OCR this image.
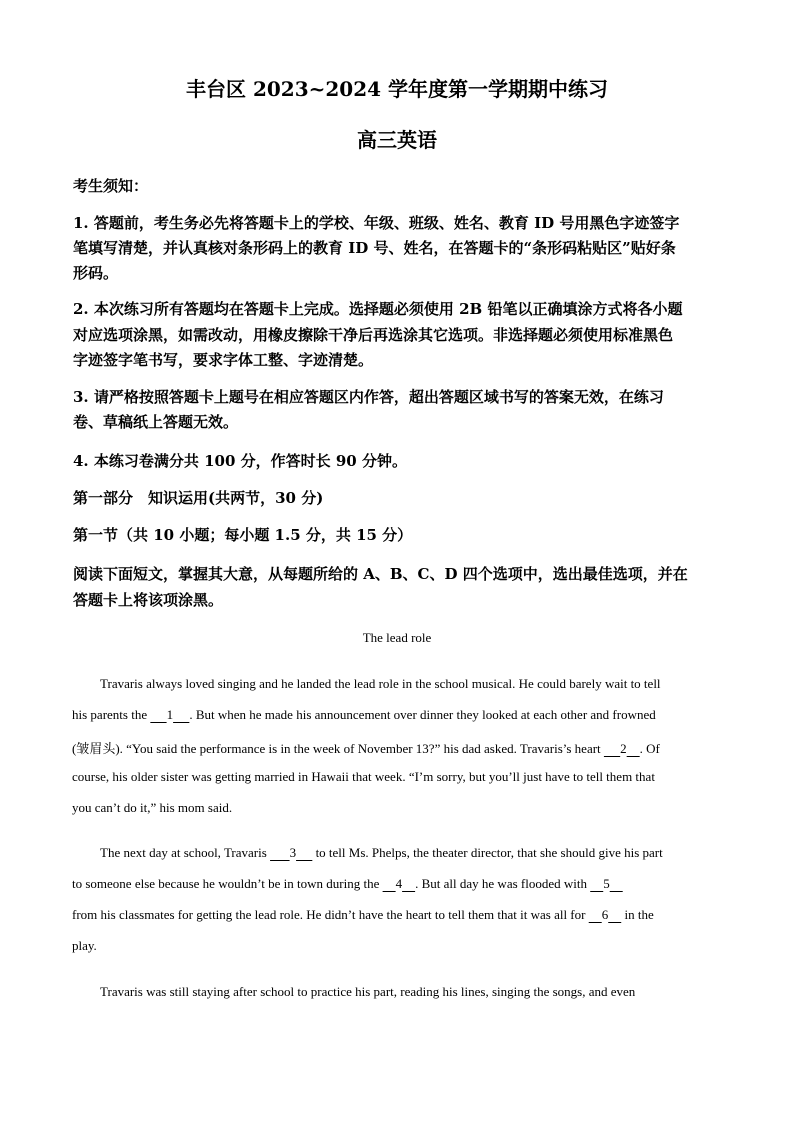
丰台区 2023~2024 学年度第一学期期中练习
高三英语
考生须知：
1. 答题前，考生务必先将答题卡上的学校、年级、班级、姓名、教育 ID 号用黑色字迹签字
笔填写清楚，并认真核对条形码上的教育 ID 号、姓名，在答题卡的“条形码粘贴区”贴好条
形码。
2. 本次练习所有答题均在答题卡上完成。选择题必须使用 2B 铅笔以正确填涂方式将各小题
对应选项涂黑，如需改动，用橡皮擦除干净后再选涂其它选项。非选择题必须使用标准黑色
字迹签字笔书写，要求字体工整、字迹清楚。
3. 请严格按照答题卡上题号在相应答题区内作答，超出答题区域书写的答案无效，在练习
卷、草稿纸上答题无效。
4. 本练习卷满分共 100 分，作答时长 90 分钟。
第一部分　知识运用(共两节，30 分)
第一节（共 10 小题；每小题 1.5 分，共 15 分）
阅读下面短文，掌握其大意，从每题所给的 A、B、C、D 四个选项中，选出最佳选项，并在
答题卡上将该项涂黑。
The lead role
Travaris always loved singing and he landed the lead role in the school musical. He could barely wait to tell
his parents the      1 . But when he made his announcement over dinner they looked at each other and frowned
(皱眉头). “You said the performance is in the week of November 13?” his dad asked. Travaris’s heart      2 . Of
course, his older sister was getting married in Hawaii that week. “I’m sorry, but you’ll just have to tell them that
you can’t do it,” his mom said.
The next day at school, Travaris       3      to tell Ms. Phelps, the theater director, that she should give his part
to someone else because he wouldn’t be in town during the     4 . But all day he was flooded with     5
from his classmates for getting the lead role. He didn’t have the heart to tell them that it was all for     6     in the
play.
Travaris was still staying after school to practice his part, reading his lines, singing the songs, and even
